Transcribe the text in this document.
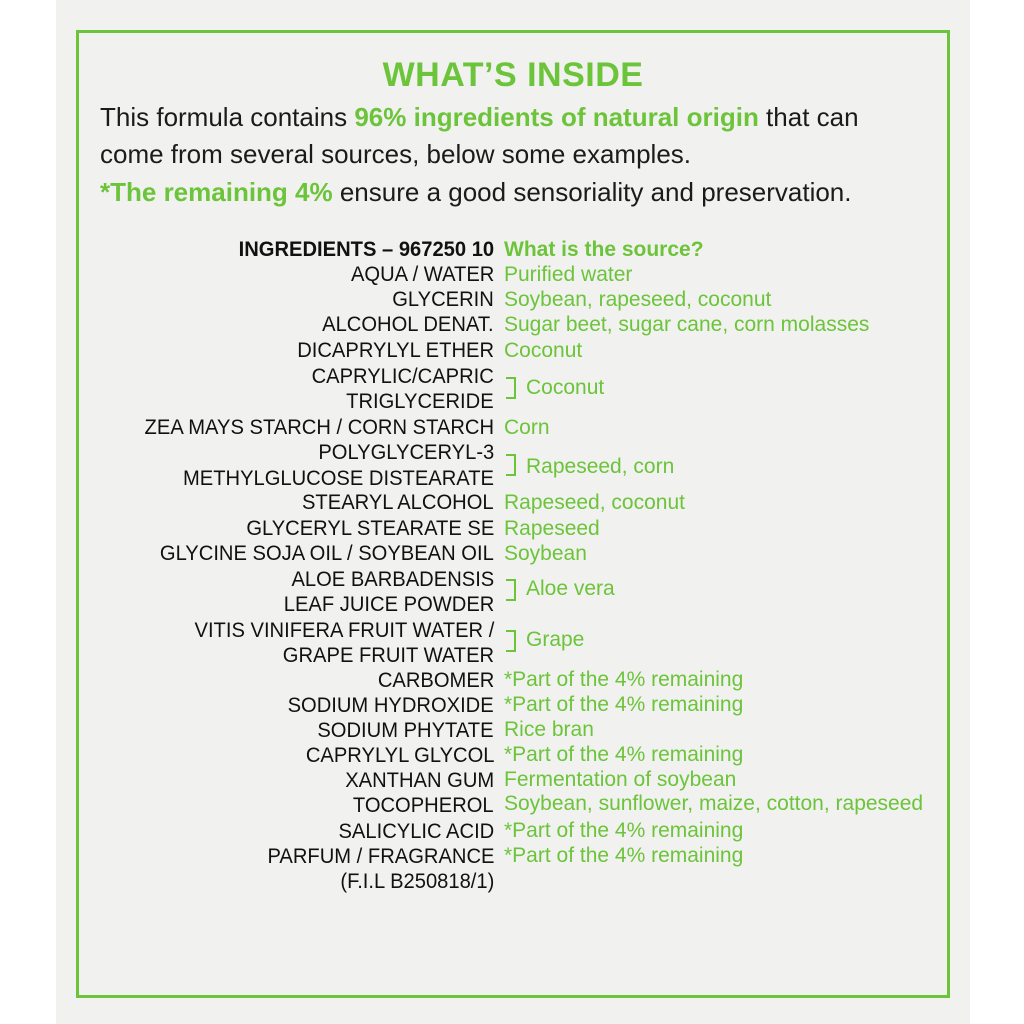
WHAT’S INSIDE
This formula contains 96% ingredients of natural origin that can
come from several sources, below some examples.
*The remaining 4% ensure a good sensoriality and preservation.
INGREDIENTS – 967250 10 What is the source?
AQUA / WATER Purified water
GLYCERIN Soybean, rapeseed, coconut
ALCOHOL DENAT. Sugar beet, sugar cane, corn molasses
DICAPRYLYL ETHER Coconut
CAPRYLIC/CAPRIC
TRIGLYCERIDE
Coconut
ZEA MAYS STARCH / CORN STARCH Corn
POLYGLYCERYL-3
METHYLGLUCOSE DISTEARATE
Rapeseed, corn
STEARYL ALCOHOL Rapeseed, coconut
GLYCERYL STEARATE SE Rapeseed
GLYCINE SOJA OIL / SOYBEAN OIL Soybean
ALOE BARBADENSIS
LEAF JUICE POWDER
Aloe vera
VITIS VINIFERA FRUIT WATER /
GRAPE FRUIT WATER
Grape
CARBOMER *Part of the 4% remaining
SODIUM HYDROXIDE *Part of the 4% remaining
SODIUM PHYTATE Rice bran
CAPRYLYL GLYCOL *Part of the 4% remaining
XANTHAN GUM Fermentation of soybean
TOCOPHEROL Soybean, sunflower, maize, cotton, rapeseed
SALICYLIC ACID *Part of the 4% remaining
PARFUM / FRAGRANCE *Part of the 4% remaining
(F.I.L B250818/1)
